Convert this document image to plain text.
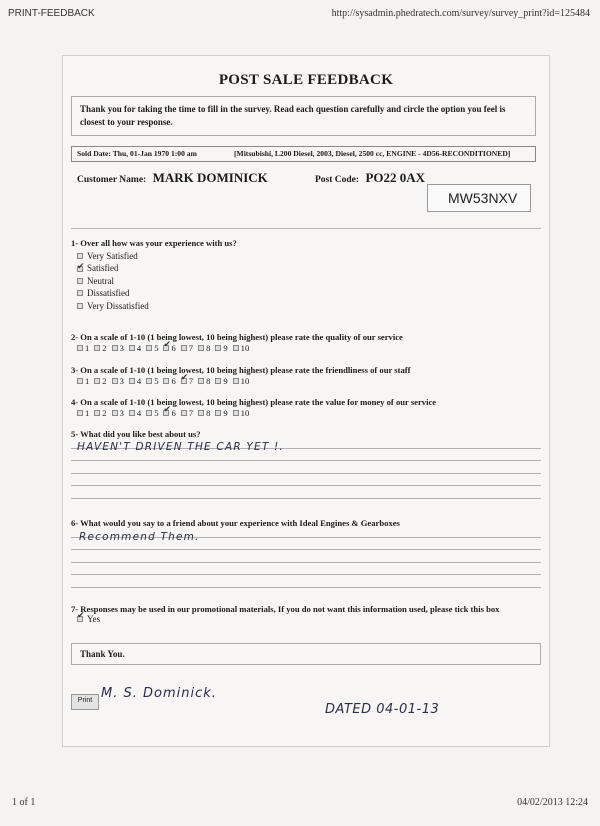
PRINT-FEEDBACK	http://sysadmin.phedratech.com/survey/survey_print?id=125484
POST SALE FEEDBACK
Thank you for taking the time to fill in the survey. Read each question carefully and circle the option you feel is closest to your response.
Sold Date: Thu, 01-Jan 1970 1:00 am	[Mitsubishi, L200 Diesel, 2003, Diesel, 2500 cc, ENGINE - 4D56-RECONDITIONED]
Customer Name: MARK DOMINICK	Post Code: PO22 0AX
MW53NXV
1- Over all how was your experience with us?
Very Satisfied
✔
Satisfied
Neutral
Dissatisfied
Very Dissatisfied
2- On a scale of 1-10 (1 being lowest, 10 being highest) please rate the quality of our service
1 2 3 4 5 ✔ 6 7 8 9 10
3- On a scale of 1-10 (1 being lowest, 10 being highest) please rate the friendliness of our staff
1 2 3 4 5 6 ✔ 7 8 9 10
4- On a scale of 1-10 (1 being lowest, 10 being highest) please rate the value for money of our service
1 2 3 4 5 ✔ 6 7 8 9 10
5- What did you like best about us?
HAVEN'T DRIVEN THE CAR YET !.
6- What would you say to a friend about your experience with Ideal Engines & Gearboxes
Recommend Them.
7- Responses may be used in our promotional materials, If you do not want this information used, please tick this box
✔
Yes
Thank You.
Print M. S. Dominick.
DATED 04-01-13
1 of 1	04/02/2013 12:24
